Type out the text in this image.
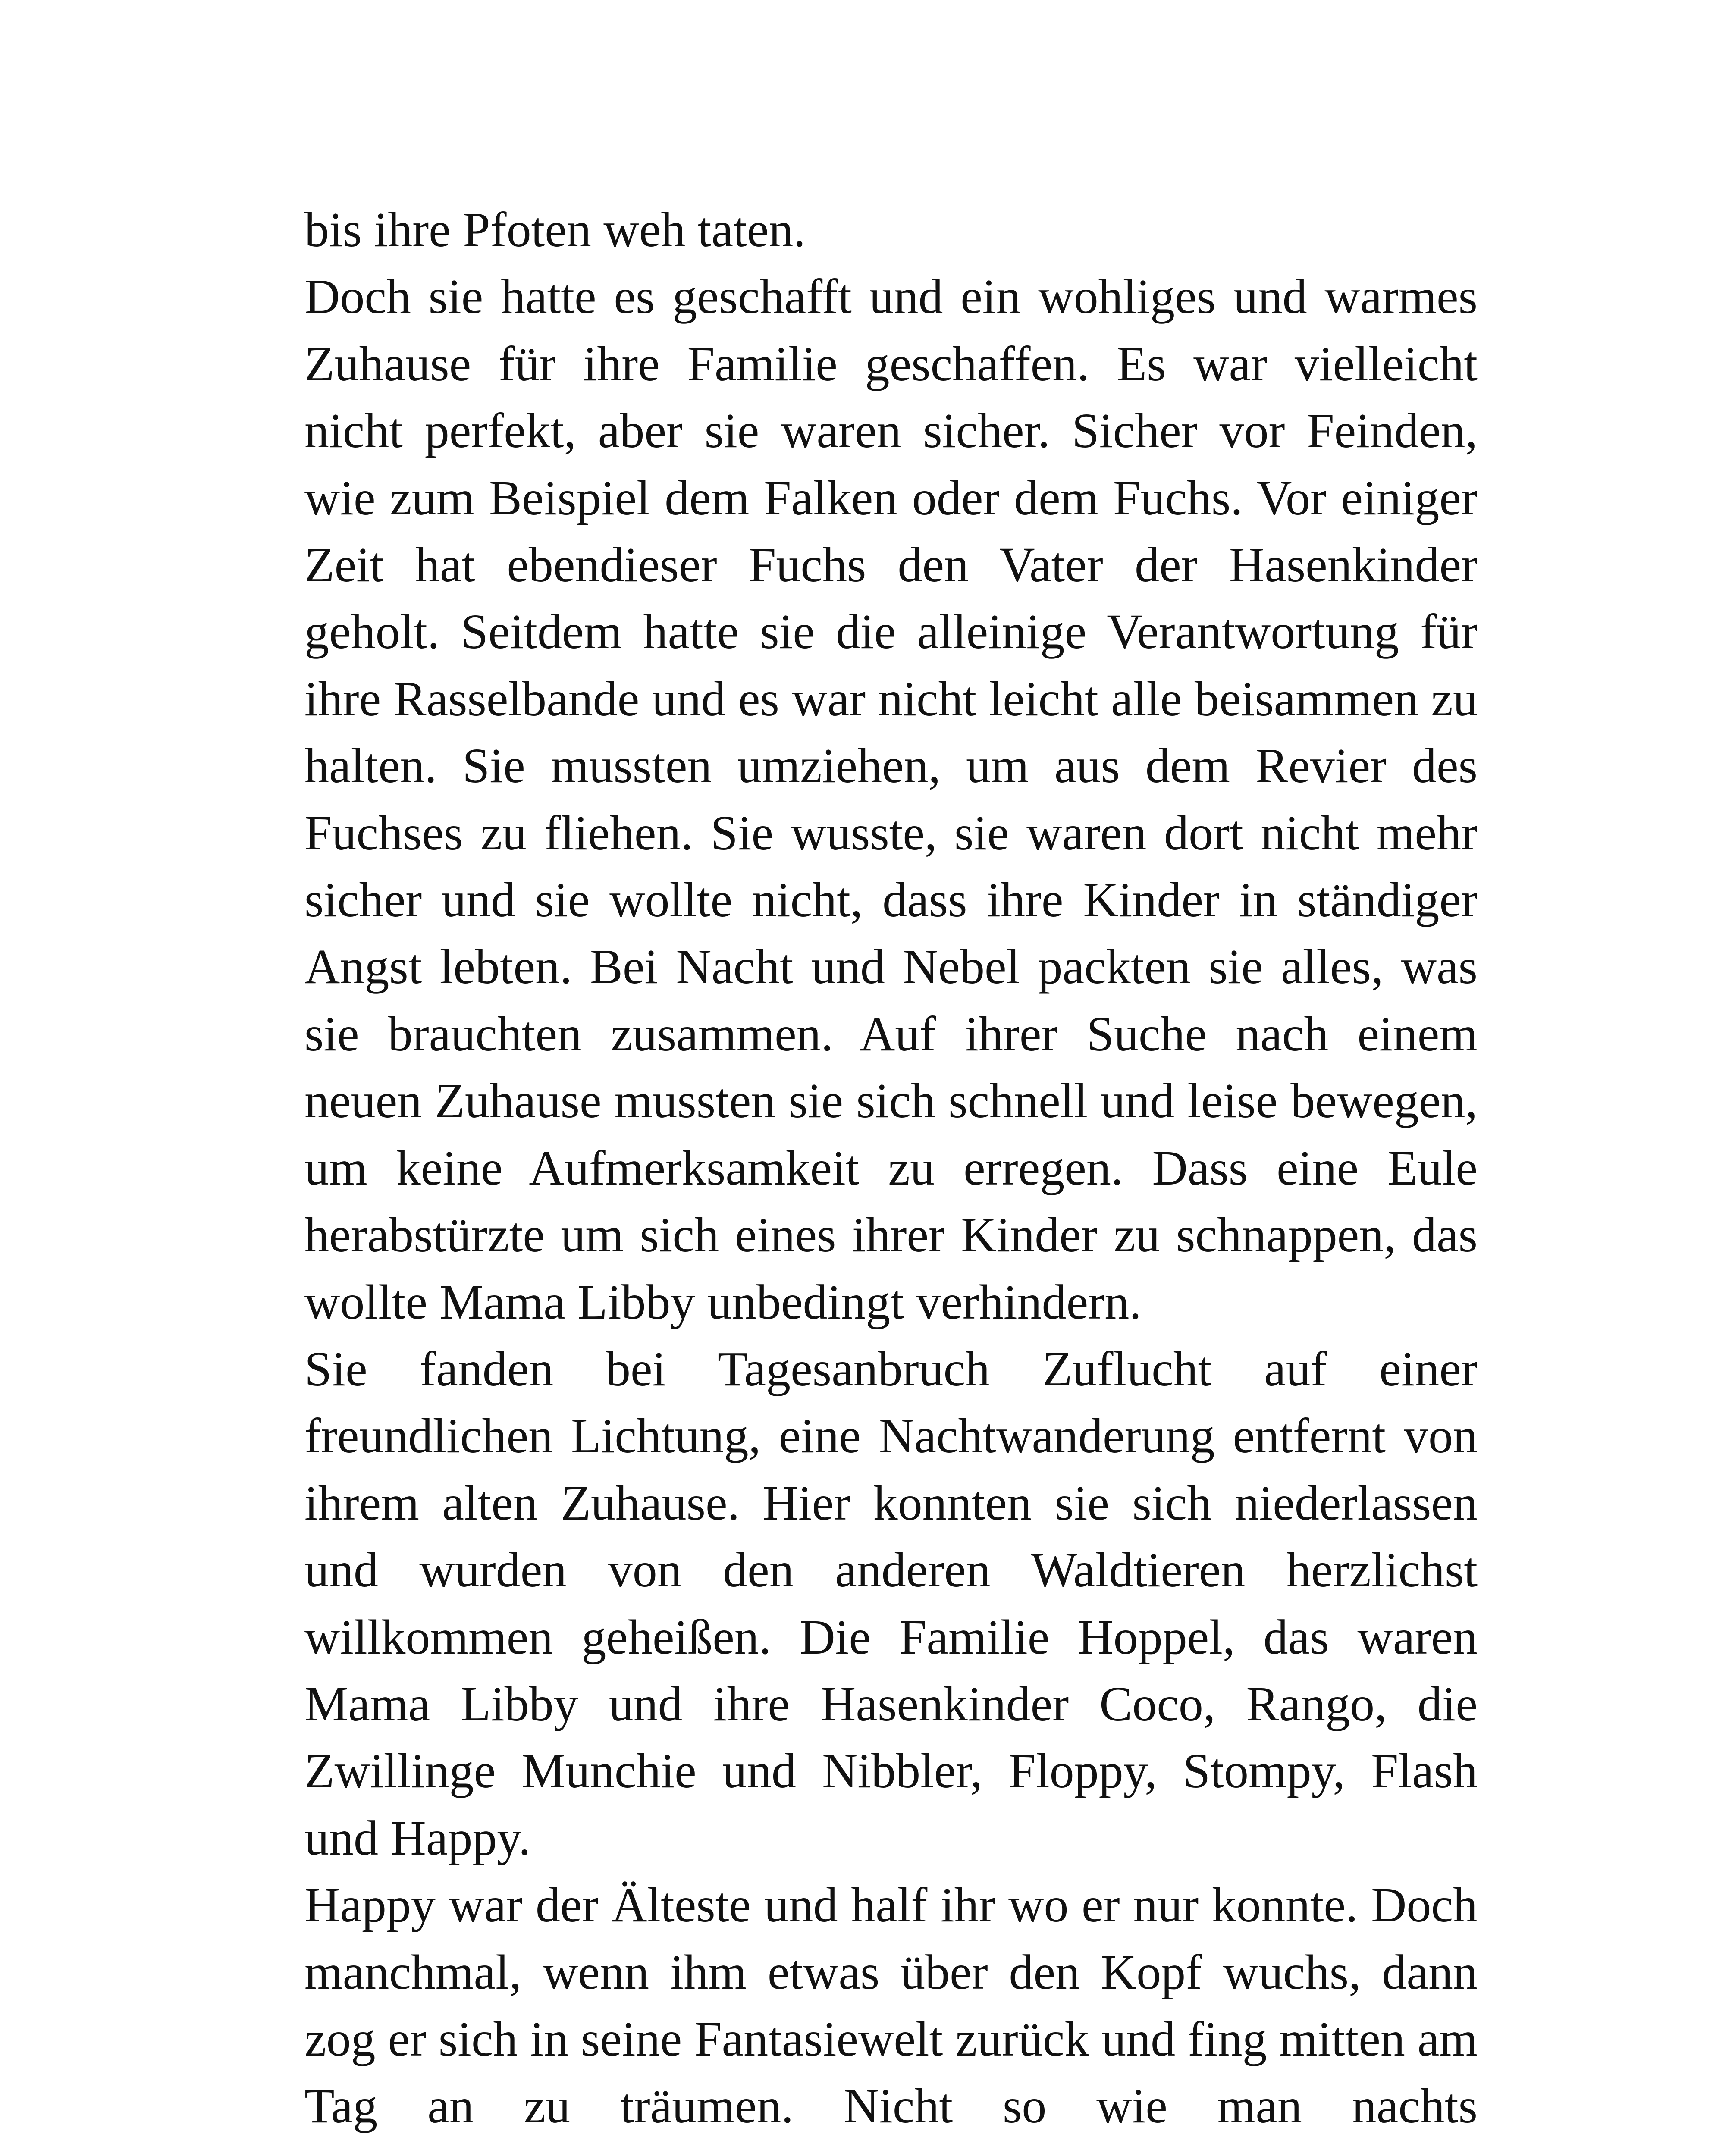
bis ihre Pfoten weh taten.

Doch sie hatte es geschafft und ein wohliges und warmes Zuhause für ihre Familie geschaffen. Es war vielleicht nicht perfekt, aber sie waren sicher. Sicher vor Feinden, wie zum Beispiel dem Falken oder dem Fuchs. Vor einiger Zeit hat ebendieser Fuchs den Vater der Hasenkinder geholt. Seitdem hatte sie die alleinige Verantwortung für ihre Rasselbande und es war nicht leicht alle beisammen zu halten. Sie mussten umziehen, um aus dem Revier des Fuchses zu fliehen. Sie wusste, sie waren dort nicht mehr sicher und sie wollte nicht, dass ihre Kinder in ständiger Angst lebten. Bei Nacht und Nebel packten sie alles, was sie brauchten zusammen. Auf ihrer Suche nach einem neuen Zuhause mussten sie sich schnell und leise bewegen, um keine Aufmerksamkeit zu erregen. Dass eine Eule herabstürzte um sich eines ihrer Kinder zu schnappen, das wollte Mama Libby unbedingt verhindern.

Sie fanden bei Tagesanbruch Zuflucht auf einer freundlichen Lichtung, eine Nachtwanderung entfernt von ihrem alten Zuhause. Hier konnten sie sich niederlassen und wurden von den anderen Waldtieren herzlichst willkommen geheißen. Die Familie Hoppel, das waren Mama Libby und ihre Hasenkinder Coco, Rango, die Zwillinge Munchie und Nibbler, Floppy, Stompy, Flash und Happy.

Happy war der Älteste und half ihr wo er nur konnte. Doch manchmal, wenn ihm etwas über den Kopf wuchs, dann zog er sich in seine Fantasiewelt zurück und fing mitten am Tag an zu träumen. Nicht so wie man nachts
